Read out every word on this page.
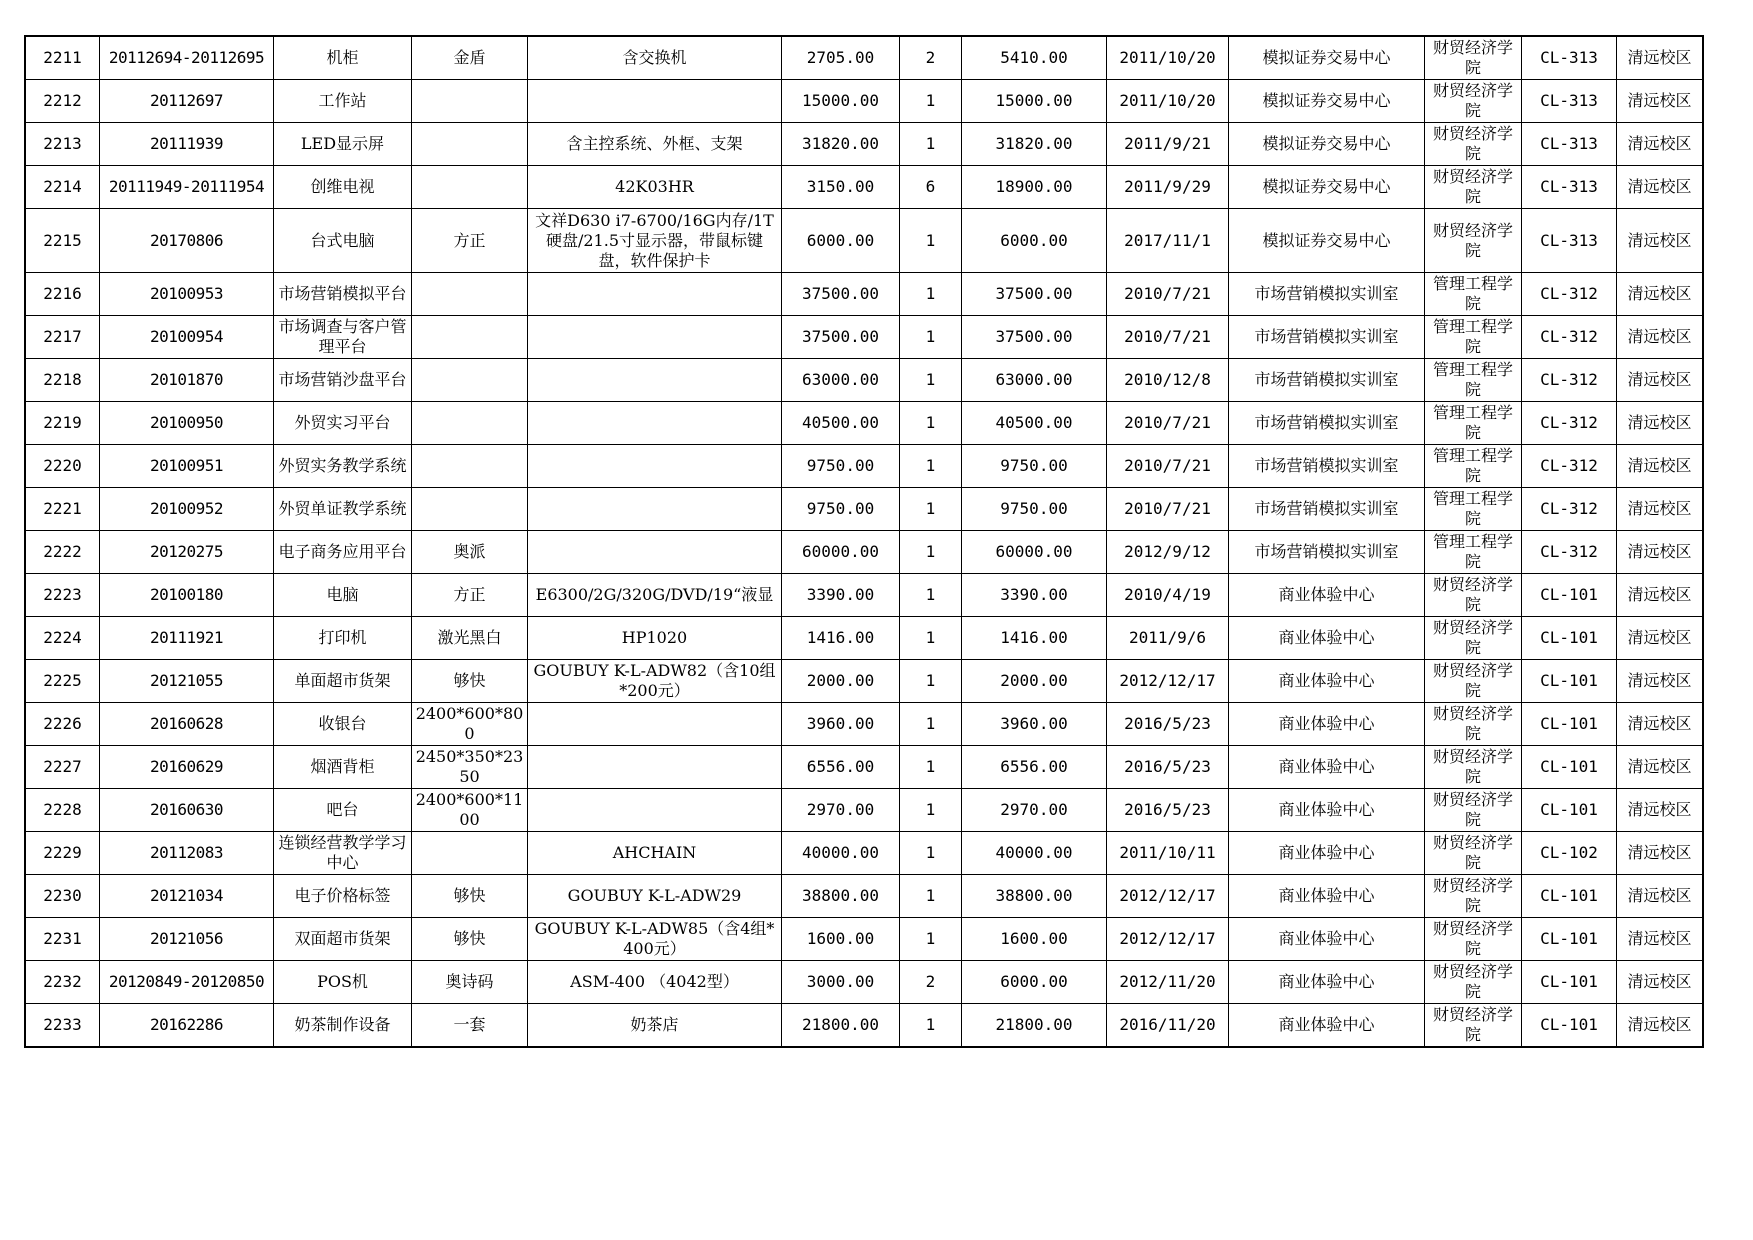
2211	20112694-20112695	机柜	金盾	含交换机	2705.00	2	5410.00	2011/10/20	模拟证券交易中心	财贸经济学院	CL-313	清远校区
2212	20112697	工作站			15000.00	1	15000.00	2011/10/20	模拟证券交易中心	财贸经济学院	CL-313	清远校区
2213	20111939	LED显示屏		含主控系统、外框、支架	31820.00	1	31820.00	2011/9/21	模拟证券交易中心	财贸经济学院	CL-313	清远校区
2214	20111949-20111954	创维电视		42K03HR	3150.00	6	18900.00	2011/9/29	模拟证券交易中心	财贸经济学院	CL-313	清远校区
2215	20170806	台式电脑	方正	文祥D630 i7-6700/16G内存/1T硬盘/21.5寸显示器，带鼠标键盘，软件保护卡	6000.00	1	6000.00	2017/11/1	模拟证券交易中心	财贸经济学院	CL-313	清远校区
2216	20100953	市场营销模拟平台			37500.00	1	37500.00	2010/7/21	市场营销模拟实训室	管理工程学院	CL-312	清远校区
2217	20100954	市场调查与客户管理平台			37500.00	1	37500.00	2010/7/21	市场营销模拟实训室	管理工程学院	CL-312	清远校区
2218	20101870	市场营销沙盘平台			63000.00	1	63000.00	2010/12/8	市场营销模拟实训室	管理工程学院	CL-312	清远校区
2219	20100950	外贸实习平台			40500.00	1	40500.00	2010/7/21	市场营销模拟实训室	管理工程学院	CL-312	清远校区
2220	20100951	外贸实务教学系统			9750.00	1	9750.00	2010/7/21	市场营销模拟实训室	管理工程学院	CL-312	清远校区
2221	20100952	外贸单证教学系统			9750.00	1	9750.00	2010/7/21	市场营销模拟实训室	管理工程学院	CL-312	清远校区
2222	20120275	电子商务应用平台	奥派		60000.00	1	60000.00	2012/9/12	市场营销模拟实训室	管理工程学院	CL-312	清远校区
2223	20100180	电脑	方正	E6300/2G/320G/DVD/19“液显	3390.00	1	3390.00	2010/4/19	商业体验中心	财贸经济学院	CL-101	清远校区
2224	20111921	打印机	激光黑白	HP1020	1416.00	1	1416.00	2011/9/6	商业体验中心	财贸经济学院	CL-101	清远校区
2225	20121055	单面超市货架	够快	GOUBUY K-L-ADW82（含10组*200元）	2000.00	1	2000.00	2012/12/17	商业体验中心	财贸经济学院	CL-101	清远校区
2226	20160628	收银台	2400*600*800		3960.00	1	3960.00	2016/5/23	商业体验中心	财贸经济学院	CL-101	清远校区
2227	20160629	烟酒背柜	2450*350*2350		6556.00	1	6556.00	2016/5/23	商业体验中心	财贸经济学院	CL-101	清远校区
2228	20160630	吧台	2400*600*1100		2970.00	1	2970.00	2016/5/23	商业体验中心	财贸经济学院	CL-101	清远校区
2229	20112083	连锁经营教学学习中心		AHCHAIN	40000.00	1	40000.00	2011/10/11	商业体验中心	财贸经济学院	CL-102	清远校区
2230	20121034	电子价格标签	够快	GOUBUY K-L-ADW29	38800.00	1	38800.00	2012/12/17	商业体验中心	财贸经济学院	CL-101	清远校区
2231	20121056	双面超市货架	够快	GOUBUY K-L-ADW85（含4组*400元）	1600.00	1	1600.00	2012/12/17	商业体验中心	财贸经济学院	CL-101	清远校区
2232	20120849-20120850	POS机	奥诗码	ASM-400 （4042型）	3000.00	2	6000.00	2012/11/20	商业体验中心	财贸经济学院	CL-101	清远校区
2233	20162286	奶茶制作设备	一套	奶茶店	21800.00	1	21800.00	2016/11/20	商业体验中心	财贸经济学院	CL-101	清远校区
